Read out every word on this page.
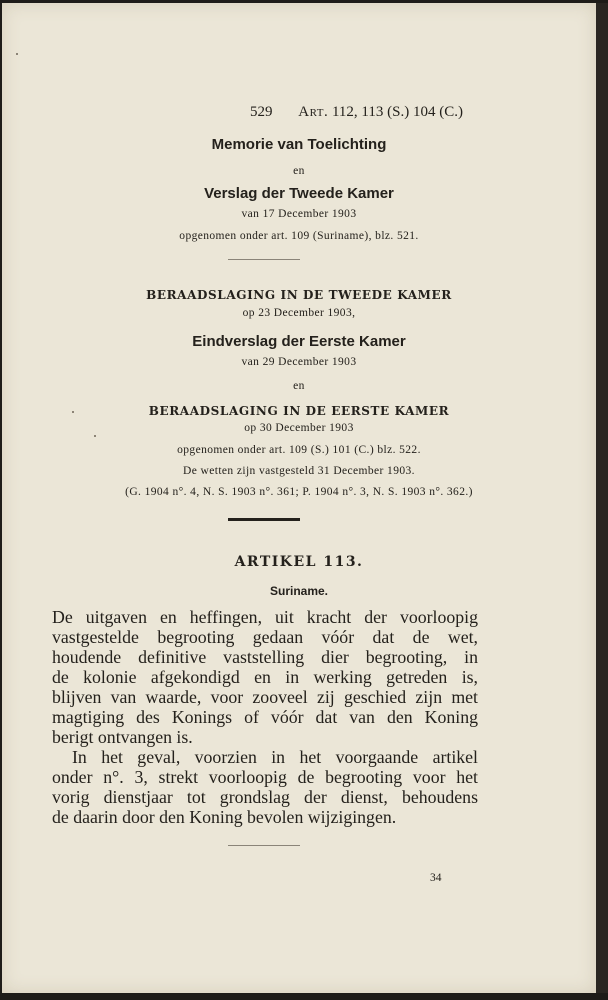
529 Art. 112, 113 (S.) 104 (C.)
Memorie van Toelichting
en
Verslag der Tweede Kamer
van 17 December 1903
opgenomen onder art. 109 (Suriname), blz. 521.
BERAADSLAGING IN DE TWEEDE KAMER
op 23 December 1903,
Eindverslag der Eerste Kamer
van 29 December 1903
en
BERAADSLAGING IN DE EERSTE KAMER
op 30 December 1903
opgenomen onder art. 109 (S.) 101 (C.) blz. 522.
De wetten zijn vastgesteld 31 December 1903.
(G. 1904 n°. 4, N. S. 1903 n°. 361; P. 1904 n°. 3, N. S. 1903 n°. 362.)
ARTIKEL 113.
Suriname.
De uitgaven en heffingen, uit kracht der voorloopig
vastgestelde begrooting gedaan vóór dat de wet,
houdende definitive vaststelling dier begrooting, in
de kolonie afgekondigd en in werking getreden is,
blijven van waarde, voor zooveel zij geschied zijn met
magtiging des Konings of vóór dat van den Koning
berigt ontvangen is.
In het geval, voorzien in het voorgaande artikel
onder n°. 3, strekt voorloopig de begrooting voor het
vorig dienstjaar tot grondslag der dienst, behoudens
de daarin door den Koning bevolen wijzigingen.
34
